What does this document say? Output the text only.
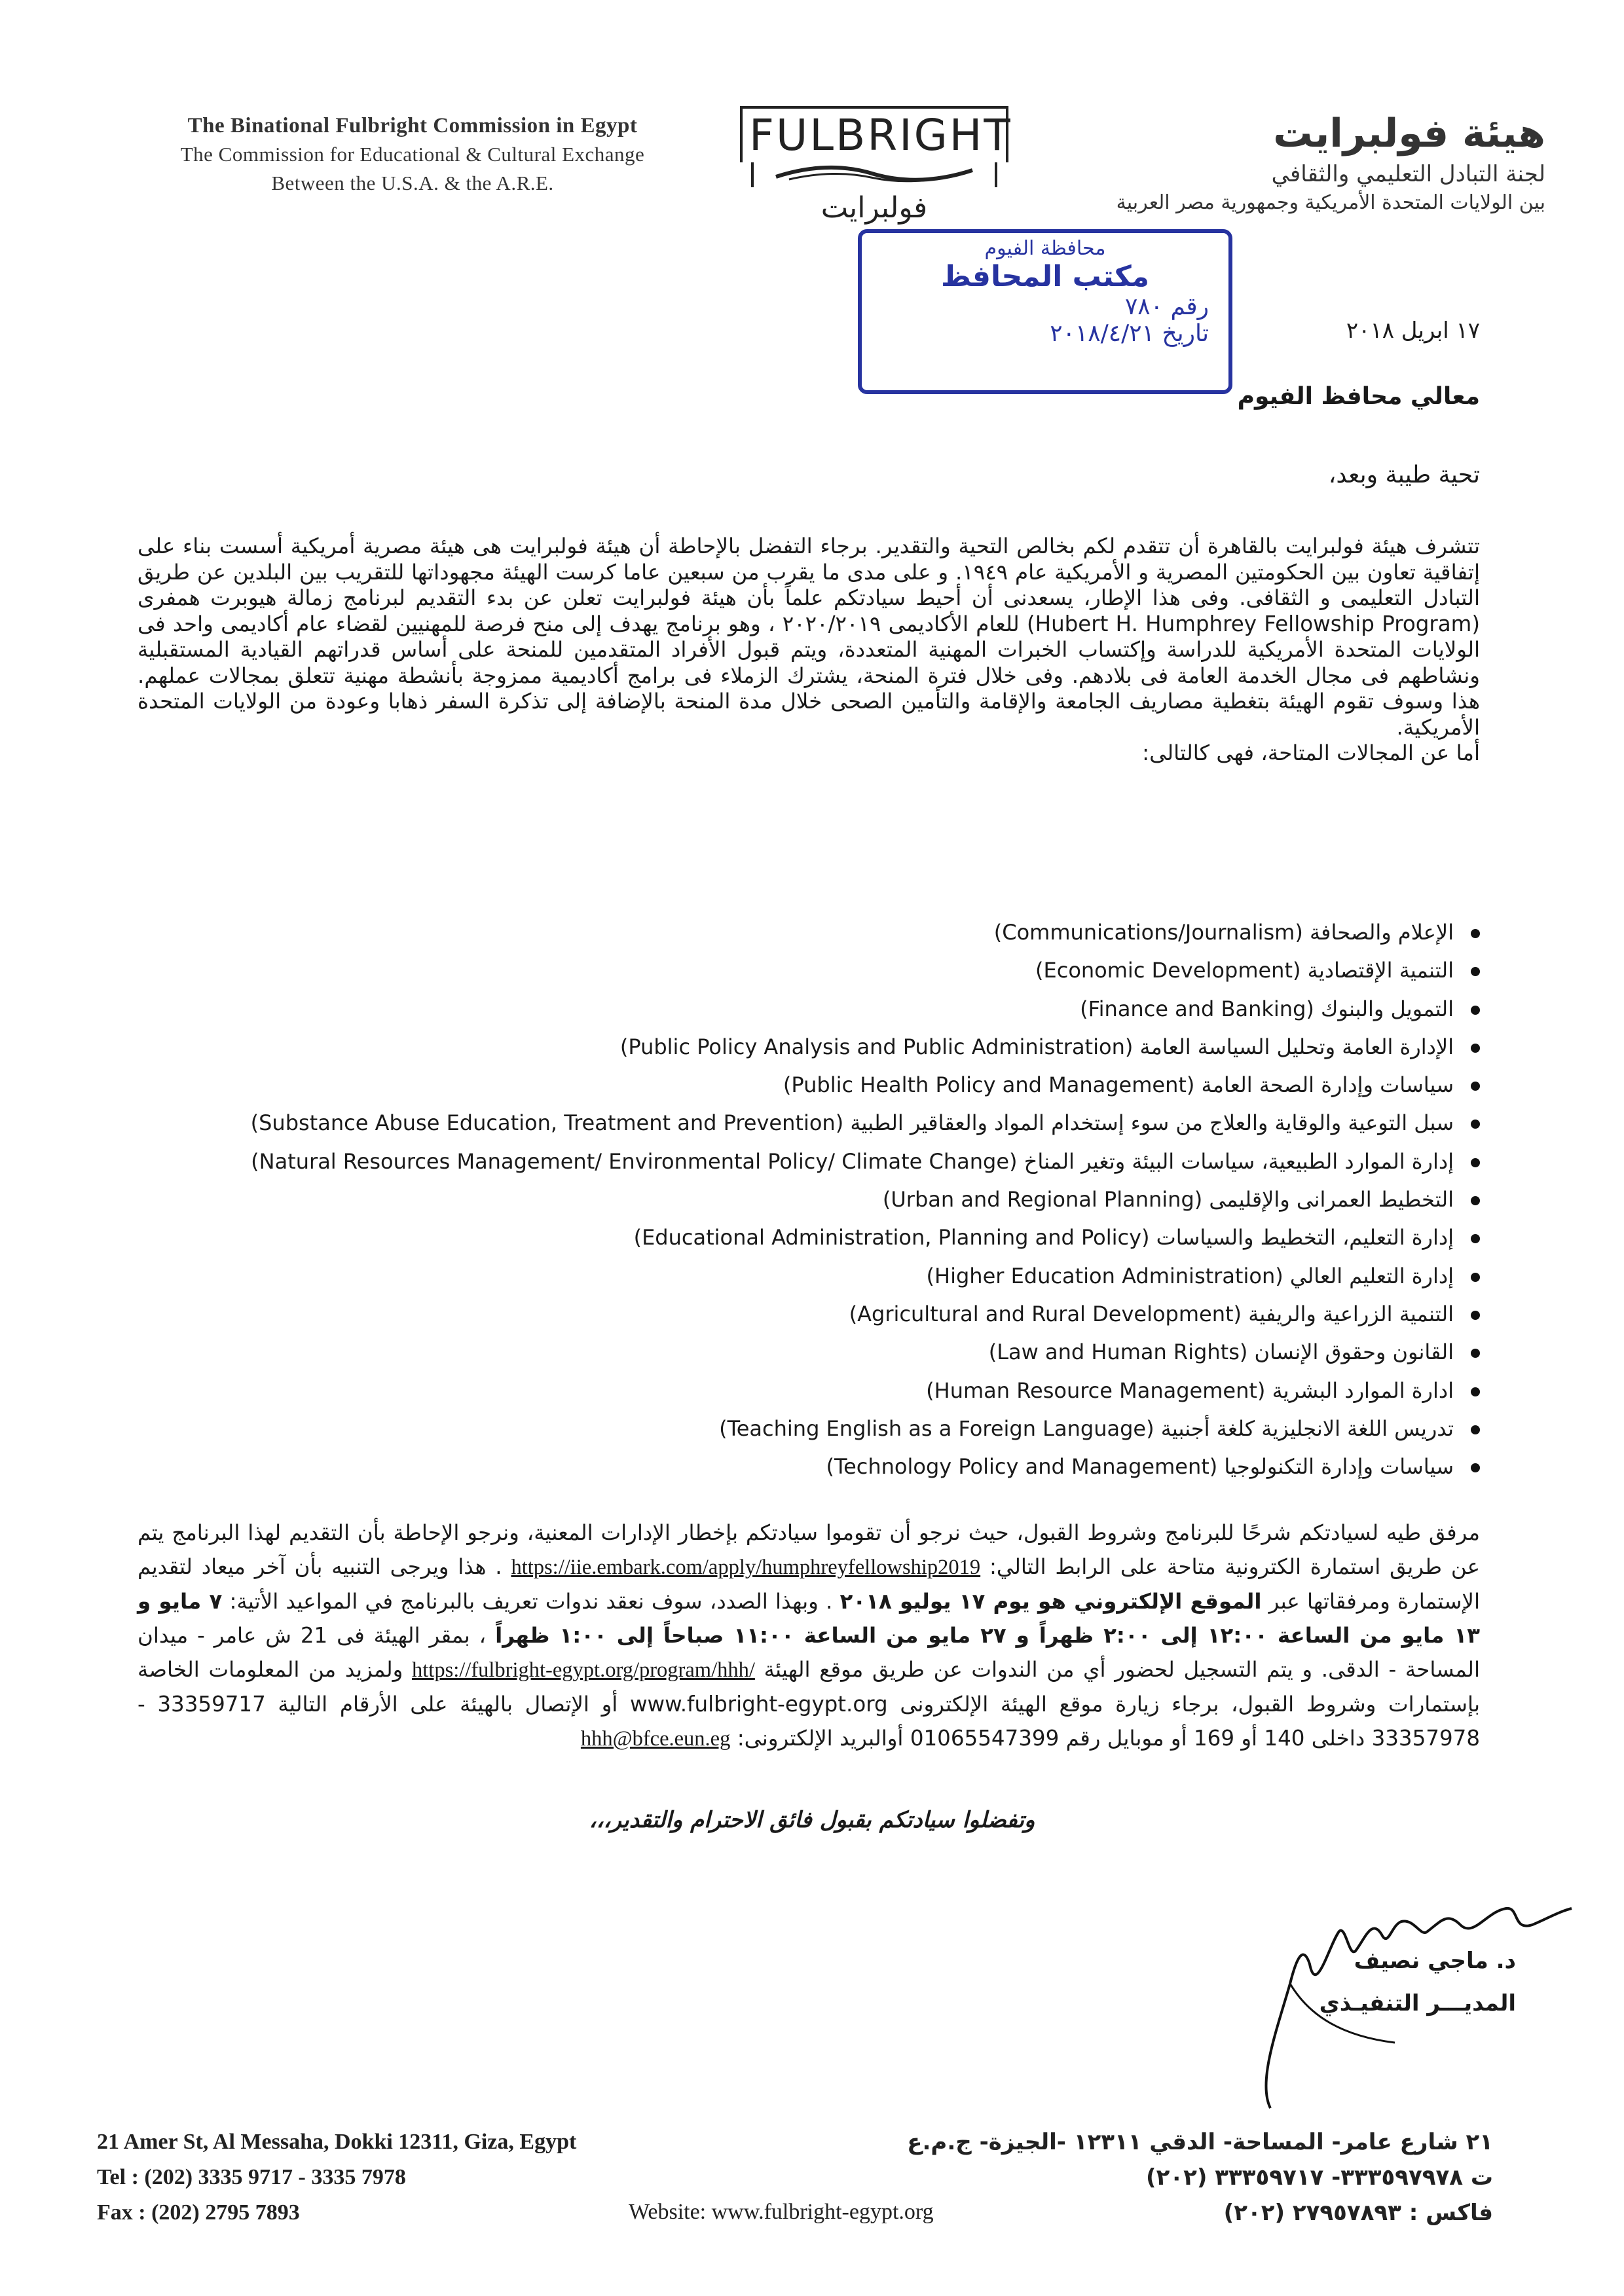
The Binational Fulbright Commission in Egypt
The Commission for Educational & Cultural Exchange
Between the U.S.A. & the A.R.E.
FULBRIGHT
فولبرايت
هيئة فولبرايت
لجنة التبادل التعليمي والثقافي
بين الولايات المتحدة الأمريكية وجمهورية مصر العربية
محافظة الفيوم
مكتب المحافظ
رقم ٧٨٠
تاريخ ٢٠١٨/٤/٢١	١٧ ابريل ٢٠١٨
معالي محافظ الفيوم
تحية طيبة وبعد،
تتشرف هيئة فولبرايت بالقاهرة أن تتقدم لكم بخالص التحية والتقدير. برجاء التفضل بالإحاطة أن هيئة فولبرايت هى هيئة مصرية أمريكية أسست بناء على إتفاقية تعاون بين الحكومتين المصرية و الأمريكية عام ١٩٤٩. و على مدى ما يقرب من سبعين عاما كرست الهيئة مجهوداتها للتقريب بين البلدين عن طريق التبادل التعليمى و الثقافى. وفى هذا الإطار، يسعدنى أن أحيط سيادتكم علماً بأن هيئة فولبرايت تعلن عن بدء التقديم لبرنامج زمالة هيوبرت همفرى (Hubert H. Humphrey Fellowship Program) للعام الأكاديمى ٢٠٢٠/٢٠١٩ ، وهو برنامج يهدف إلى منح فرصة للمهنيين لقضاء عام أكاديمى واحد فى الولايات المتحدة الأمريكية للدراسة وإكتساب الخبرات المهنية المتعددة، ويتم قبول الأفراد المتقدمين للمنحة على أساس قدراتهم القيادية المستقبلية ونشاطهم فى مجال الخدمة العامة فى بلادهم. وفى خلال فترة المنحة، يشترك الزملاء فى برامج أكاديمية ممزوجة بأنشطة مهنية تتعلق بمجالات عملهم. هذا وسوف تقوم الهيئة بتغطية مصاريف الجامعة والإقامة والتأمين الصحى خلال مدة المنحة بالإضافة إلى تذكرة السفر ذهابا وعودة من الولايات المتحدة الأمريكية.
أما عن المجالات المتاحة، فهى كالتالى:
الإعلام والصحافة (Communications/Journalism)
التنمية الإقتصادية (Economic Development)
التمويل والبنوك (Finance and Banking)
الإدارة العامة وتحليل السياسة العامة (Public Policy Analysis and Public Administration)
سياسات وإدارة الصحة العامة (Public Health Policy and Management)
سبل التوعية والوقاية والعلاج من سوء إستخدام المواد والعقاقير الطبية (Substance Abuse Education, Treatment and Prevention)
إدارة الموارد الطبيعية، سياسات البيئة وتغير المناخ (Natural Resources Management/ Environmental Policy/ Climate Change)
التخطيط العمرانى والإقليمى (Urban and Regional Planning)
إدارة التعليم، التخطيط والسياسات (Educational Administration, Planning and Policy)
إدارة التعليم العالي (Higher Education Administration)
التنمية الزراعية والريفية (Agricultural and Rural Development)
القانون وحقوق الإنسان (Law and Human Rights)
ادارة الموارد البشرية (Human Resource Management)
تدريس اللغة الانجليزية كلغة أجنبية (Teaching English as a Foreign Language)
سياسات وإدارة التكنولوجيا (Technology Policy and Management)
مرفق طيه لسيادتكم شرحًا للبرنامج وشروط القبول، حيث نرجو أن تقوموا سيادتكم بإخطار الإدارات المعنية، ونرجو الإحاطة بأن التقديم لهذا البرنامج يتم عن طريق استمارة الكترونية متاحة على الرابط التالي: https://iie.embark.com/apply/humphreyfellowship2019 . هذا ويرجى التنبيه بأن آخر ميعاد لتقديم الإستمارة ومرفقاتها عبر الموقع الإلكتروني هو يوم ١٧ يوليو ٢٠١٨ . وبهذا الصدد، سوف نعقد ندوات تعريف بالبرنامج في المواعيد الأتية: ٧ مايو و ١٣ مايو من الساعة ١٢:٠٠ إلى ٢:٠٠ ظهراً و ٢٧ مايو من الساعة ١١:٠٠ صباحاً إلى ١:٠٠ ظهراً ، بمقر الهيئة فى 21 ش عامر - ميدان المساحة - الدقى. و يتم التسجيل لحضور أي من الندوات عن طريق موقع الهيئة https://fulbright-egypt.org/program/hhh/ ولمزيد من المعلومات الخاصة بإستمارات وشروط القبول، برجاء زيارة موقع الهيئة الإلكترونى www.fulbright-egypt.org أو الإتصال بالهيئة على الأرقام التالية 33359717 - 33357978 داخلى 140 أو 169 أو موبايل رقم 01065547399 أوالبريد الإلكترونى: hhh@bfce.eun.eg
وتفضلوا سيادتكم بقبول فائق الاحترام والتقدير،،،
د. ماجي نصيف
المديـــر التنفيـذي
21 Amer St, Al Messaha, Dokki 12311, Giza, Egypt
Tel : (202) 3335 9717 - 3335 7978
Fax : (202) 2795 7893	Website: www.fulbright-egypt.org
٢١ شارع عامر- المساحة- الدقي ١٢٣١١ -الجيزة- ج.م.ع
ت ٣٣٣٥٩٧٩٧٨- ٣٣٣٥٩٧١٧ (٢٠٢)
فاكس : ٢٧٩٥٧٨٩٣ (٢٠٢)
